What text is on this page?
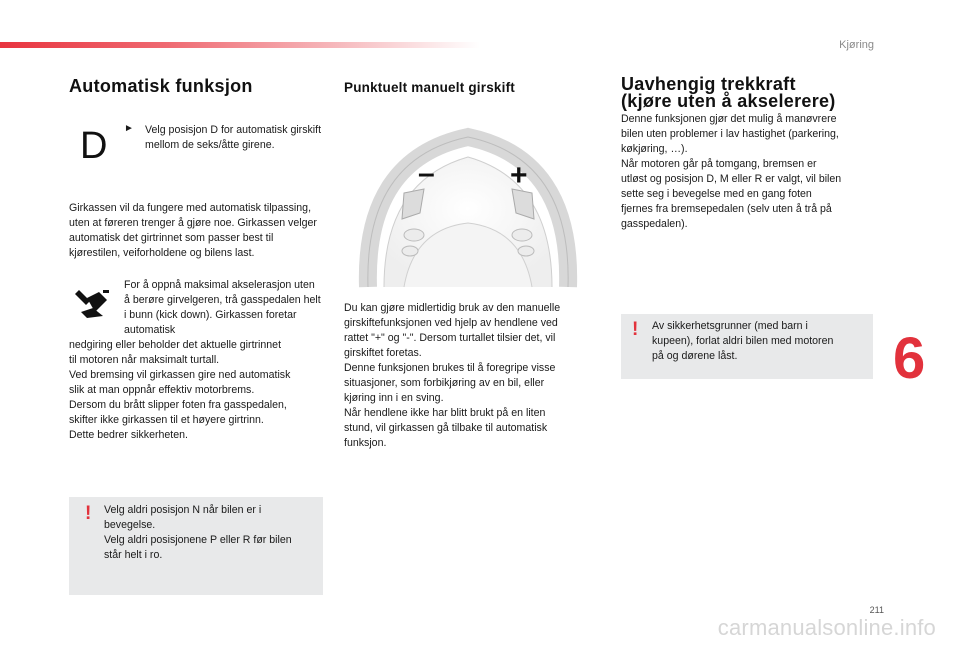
Kjøring
6
211
carmanualsonline.info
Automatisk funksjon
D ► Velg posisjon D for automatisk girskift mellom de seks/åtte girene.

Girkassen vil da fungere med automatisk tilpassing, uten at føreren trenger å gjøre noe. Girkassen velger automatisk det girtrinnet som passer best til kjørestilen, veiforholdene og bilens last.

For å oppnå maksimal akselerasjon uten å berøre girvelgeren, trå gasspedalen helt i bunn (kick down). Girkassen foretar automatisk

nedgiring eller beholder det aktuelle girtrinnet

til motoren når maksimalt turtall.

Ved bremsing vil girkassen gire ned automatisk

slik at man oppnår effektiv motorbrems.

Dersom du brått slipper foten fra gasspedalen,

skifter ikke girkassen til et høyere girtrinn.

Dette bedrer sikkerheten.

! Velg aldri posisjon N når bilen er i

bevegelse.

Velg aldri posisjonene P eller R før bilen

står helt i ro.

Punktuelt manuelt girskift
–	+

Du kan gjøre midlertidig bruk av den manuelle

girskiftefunksjonen ved hjelp av hendlene ved

rattet "+" og "-". Dersom turtallet tilsier det, vil

girskiftet foretas.

Denne funksjonen brukes til å foregripe visse

situasjoner, som forbikjøring av en bil, eller

kjøring inn i en sving.

Når hendlene ikke har blitt brukt på en liten

stund, vil girkassen gå tilbake til automatisk

funksjon.

Uavhengig trekkraft
(kjøre uten å akselerere)

Denne funksjonen gjør det mulig å manøvrere

bilen uten problemer i lav hastighet (parkering,

køkjøring, …).

Når motoren går på tomgang, bremsen er

utløst og posisjon D, M eller R er valgt, vil bilen

sette seg i bevegelse med en gang foten

fjernes fra bremsepedalen (selv uten å trå på

gasspedalen).

! Av sikkerhetsgrunner (med barn i

kupeen), forlat aldri bilen med motoren

på og dørene låst.
